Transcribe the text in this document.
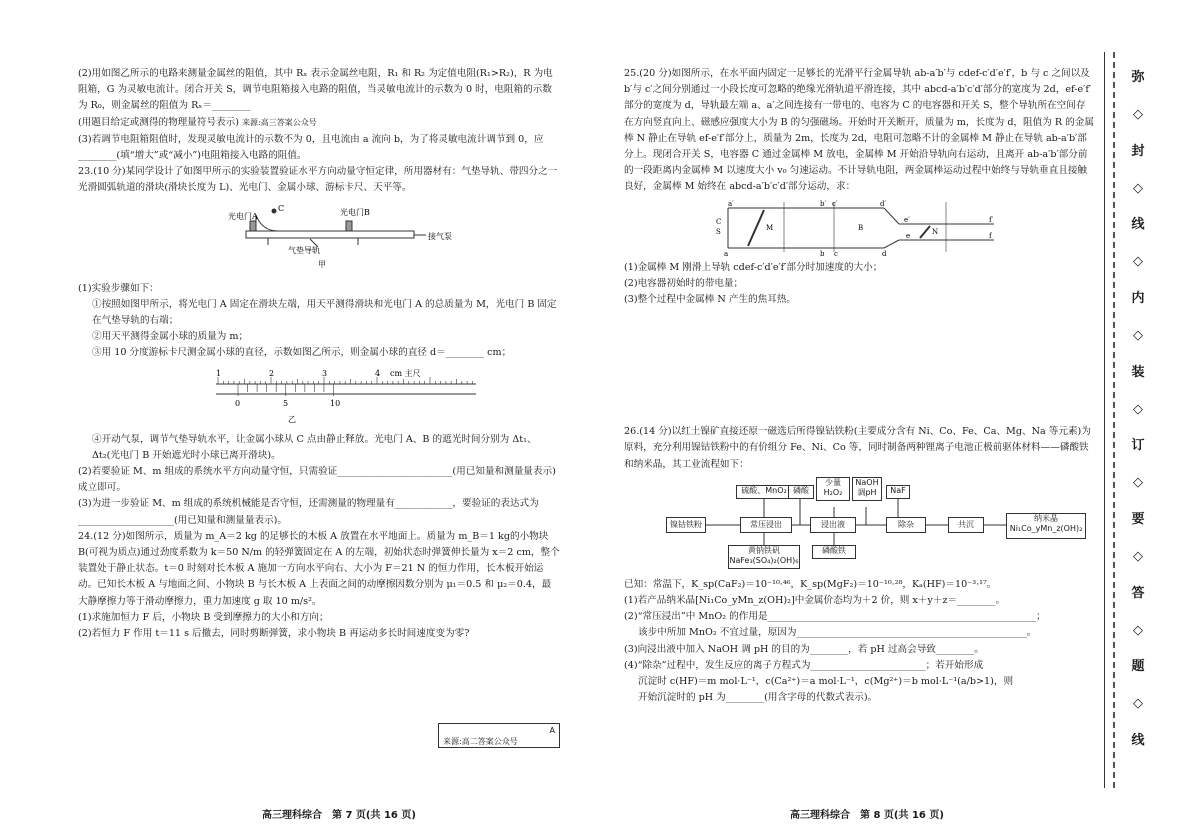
(2)用如图乙所示的电路来测量金属丝的阻值，其中 Rₓ 表示金属丝电阻，R₁ 和 R₂ 为定值电阻(R₁>R₂)，R 为电阻箱，G 为灵敏电流计。闭合开关 S，调节电阻箱接入电路的阻值，当灵敏电流计的示数为 0 时，电阻箱的示数为 R₀，则金属丝的阻值为 Rₓ＝________

(用题目给定或测得的物理量符号表示) 来源:高三答案公众号

(3)若调节电阻箱阻值时，发现灵敏电流计的示数不为 0，且电流由 a 流向 b，为了将灵敏电流计调节到 0，应________(填“增大”或“减小”)电阻箱接入电路的阻值。

23.(10 分)某同学设计了如图甲所示的实验装置验证水平方向动量守恒定律，所用器材有：气垫导轨、带四分之一光滑圆弧轨道的滑块(滑块长度为 L)、光电门、金属小球、游标卡尺、天平等。

光电门A
C	光电门B
气垫导轨
接气泵
甲

(1)实验步骤如下：

①按照如图甲所示，将光电门 A 固定在滑块左端，用天平测得滑块和光电门 A 的总质量为 M，光电门 B 固定在气垫导轨的右端；

②用天平测得金属小球的质量为 m；

③用 10 分度游标卡尺测金属小球的直径，示数如图乙所示，则金属小球的直径 d＝________ cm；

1	2	3	4 cm 主尺
0	5	10
乙

④开动气泵，调节气垫导轨水平，让金属小球从 C 点由静止释放。光电门 A、B 的遮光时间分别为 Δt₁、Δt₂(光电门 B 开始遮光时小球已离开滑块)。

(2)若要验证 M、m 组成的系统水平方向动量守恒，只需验证________________________(用已知量和测量量表示)成立即可。

(3)为进一步验证 M、m 组成的系统机械能是否守恒，还需测量的物理量有____________，要验证的表达式为____________________(用已知量和测量量表示)。

24.(12 分)如图所示，质量为 m_A＝2 kg 的足够长的木板 A 放置在水平地面上。质量为 m_B＝1 kg的小物块 B(可视为质点)通过劲度系数为 k＝50 N/m 的轻弹簧固定在 A 的左端，初始状态时弹簧伸长量为 x＝2 cm，整个装置处于静止状态。t＝0 时刻对长木板 A 施加一方向水平向右、大小为 F＝21 N 的恒力作用，长木板开始运动。已知长木板 A 与地面之间、小物块 B 与长木板 A 上表面之间的动摩擦因数分别为 μ₁＝0.5 和 μ₂＝0.4，最大静摩擦力等于滑动摩擦力，重力加速度 g 取 10 m/s²。

(1)求施加恒力 F 后，小物块 B 受到摩擦力的大小和方向；

(2)若恒力 F 作用 t＝11 s 后撤去，同时剪断弹簧，求小物块 B 再运动多长时间速度变为零?

A
来源:高二答案公众号
高三理科综合　第 7 页(共 16 页)

25.(20 分)如图所示，在水平面内固定一足够长的光滑平行金属导轨 ab-a′b′与 cdef-c′d′e′f′，b 与 c 之间以及 b′与 c′之间分别通过一小段长度可忽略的绝缘光滑轨道平滑连接，其中 abcd-a′b′c′d′部分的宽度为 2d，ef-e′f′部分的宽度为 d，导轨最左端 a、a′之间连接有一带电的、电容为 C 的电容器和开关 S，整个导轨所在空间存在方向竖直向上、磁感应强度大小为 B 的匀强磁场。开始时开关断开，质量为 m，长度为 d，阻值为 R 的金属棒 N 静止在导轨 ef-e′f′部分上，质量为 2m，长度为 2d，电阻可忽略不计的金属棒 M 静止在导轨 ab-a′b′部分上。现闭合开关 S，电容器 C 通过金属棒 M 放电，金属棒 M 开始沿导轨向右运动，且离开 ab-a′b′部分前的一段距离内金属棒 M 以速度大小 v₀ 匀速运动。不计导轨电阻，两金属棒运动过程中始终与导轨垂直且接触良好，金属棒 M 始终在 abcd-a′b′c′d′部分运动，求：

a′	b′ c′	d′
e′	f′
a	b c	d
e	f
C
S	M	N
B

(1)金属棒 M 刚滑上导轨 cdef-c′d′e′f′部分时加速度的大小；

(2)电容器初始时的带电量；

(3)整个过程中金属棒 N 产生的焦耳热。

26.(14 分)以红土镍矿直接还原一磁选后所得镍钴铁粉(主要成分含有 Ni、Co、Fe、Ca、Mg、Na 等元素)为原料，充分利用镍钴铁粉中的有价组分 Fe、Ni、Co 等，同时制备两种锂离子电池正极前驱体材料——磷酸铁和纳米晶，其工业流程如下：

硫酸、MnO₂ 磷酸
少量H₂O₂
NaOH调pH	NaF
镍钴铁粉	常压浸出	浸出液	除杂	共沉
纳米晶Ni₁Co_yMn_z(OH)₂
黄钠铁矾NaFe₃(SO₄)₂(OH)₆
磷酸铁

已知：常温下，K_sp(CaF₂)＝10⁻¹⁰·⁴⁶，K_sp(MgF₂)＝10⁻¹⁰·²⁸，Kₐ(HF)＝10⁻³·¹⁷。

(1)若产品纳米晶[Ni₁Co_yMn_z(OH)₂]中金属价态均为＋2 价，则 x＋y＋z＝________。

(2)“常压浸出”中 MnO₂ 的作用是________________________________________________________；

该步中所加 MnO₂ 不宜过量，原因为________________________________________________。

(3)向浸出液中加入 NaOH 调 pH 的目的为________，若 pH 过高会导致________。

(4)“除杂”过程中，发生反应的离子方程式为________________________；若开始形成

沉淀时 c(HF)＝m mol·L⁻¹，c(Ca²⁺)＝a mol·L⁻¹，c(Mg²⁺)＝b mol·L⁻¹(a/b>1)，则

开始沉淀时的 pH 为________(用含字母的代数式表示)。

高三理科综合　第 8 页(共 16 页)
弥
◇
封
◇
线
◇
内
◇
装
◇
订
◇
要
◇
答
◇
题
◇
线
